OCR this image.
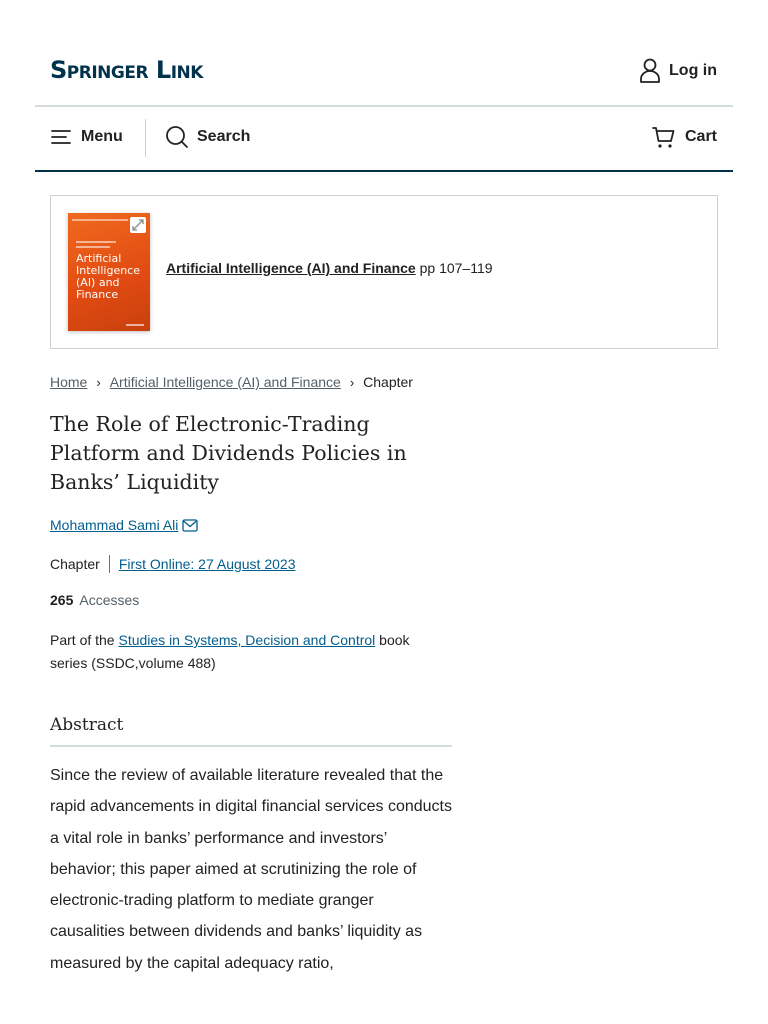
Springer Link	Log in
Menu	Search	Cart
Artificial Intelligence (AI) and Finance
Artificial Intelligence (AI) and Finance pp 107–119
Home › Artificial Intelligence (AI) and Finance › Chapter
The Role of Electronic-Trading Platform and Dividends Policies in Banks’ Liquidity
Mohammad Sami Ali
Chapter First Online: 27 August 2023
265 Accesses

Part of the Studies in Systems, Decision and Control book series (SSDC,volume 488)

Abstract

Since the review of available literature revealed that the rapid advancements in digital financial services conducts a vital role in banks’ performance and investors’ behavior; this paper aimed at scrutinizing the role of electronic-trading platform to mediate granger causalities between dividends and banks’ liquidity as measured by the capital adequacy ratio,
